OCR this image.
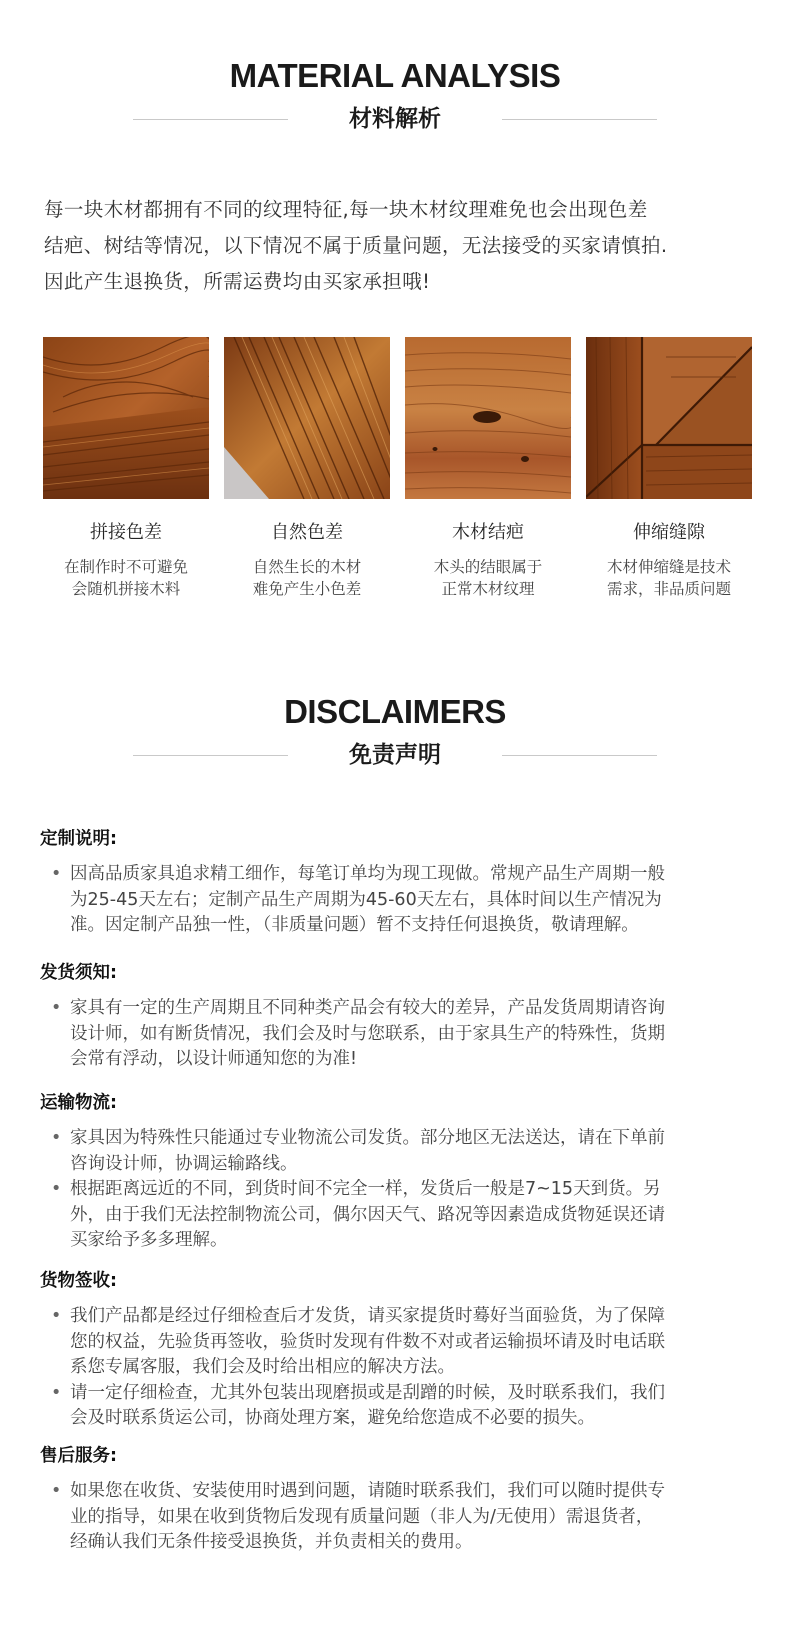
MATERIAL ANALYSIS
材料解析
每一块木材都拥有不同的纹理特征,每一块木材纹理难免也会出现色差
结疤、树结等情况，以下情况不属于质量问题，无法接受的买家请慎拍.
因此产生退换货，所需运费均由买家承担哦!
拼接色差
在制作时不可避免
会随机拼接木料
自然色差
自然生长的木材
难免产生小色差
木材结疤
木头的结眼属于
正常木材纹理
伸缩缝隙
木材伸缩缝是技术
需求，非品质问题
DISCLAIMERS
免责声明
定制说明:
• 因高品质家具追求精工细作，每笔订单均为现工现做。常规产品生产周期一般
为25-45天左右；定制产品生产周期为45-60天左右，具体时间以生产情况为
准。因定制产品独一性，（非质量问题）暂不支持任何退换货，敬请理解。
发货须知:
• 家具有一定的生产周期且不同种类产品会有较大的差异，产品发货周期请咨询
设计师，如有断货情况，我们会及时与您联系，由于家具生产的特殊性，货期
会常有浮动，以设计师通知您的为准!
运输物流:
• 家具因为特殊性只能通过专业物流公司发货。部分地区无法送达，请在下单前
咨询设计师，协调运输路线。
• 根据距离远近的不同，到货时间不完全一样，发货后一般是7~15天到货。另
外，由于我们无法控制物流公司，偶尔因天气、路况等因素造成货物延误还请
买家给予多多理解。
货物签收:
• 我们产品都是经过仔细检查后才发货，请买家提货时蓦好当面验货，为了保障
您的权益，先验货再签收，验货时发现有件数不对或者运输损坏请及时电话联
系您专属客服，我们会及时给出相应的解决方法。
• 请一定仔细检查，尤其外包装出现磨损或是刮蹭的时候，及时联系我们，我们
会及时联系货运公司，协商处理方案，避免给您造成不必要的损失。
售后服务:
• 如果您在收货、安装使用时遇到问题，请随时联系我们，我们可以随时提供专
业的指导，如果在收到货物后发现有质量问题（非人为/无使用）需退货者，
经确认我们无条件接受退换货，并负责相关的费用。
